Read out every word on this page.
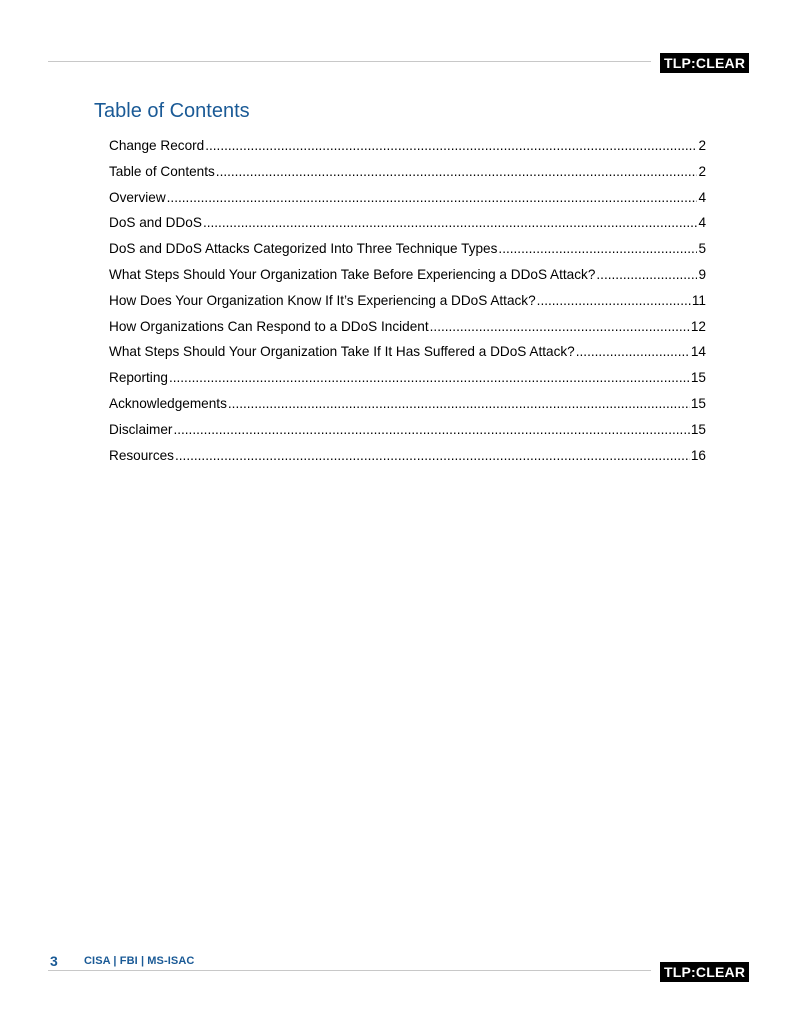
TLP:CLEAR
Table of Contents
Change Record .....	2
Table of Contents .....	2
Overview .....	4
DoS and DDoS .....	4
DoS and DDoS Attacks Categorized Into Three Technique Types .....	5
What Steps Should Your Organization Take Before Experiencing a DDoS Attack? .....	9
How Does Your Organization Know If It’s Experiencing a DDoS Attack? .....	11
How Organizations Can Respond to a DDoS Incident .....	12
What Steps Should Your Organization Take If It Has Suffered a DDoS Attack? .....	14
Reporting .....	15
Acknowledgements .....	15
Disclaimer .....	15
Resources .....	16
3 CISA | FBI | MS-ISAC
TLP:CLEAR
